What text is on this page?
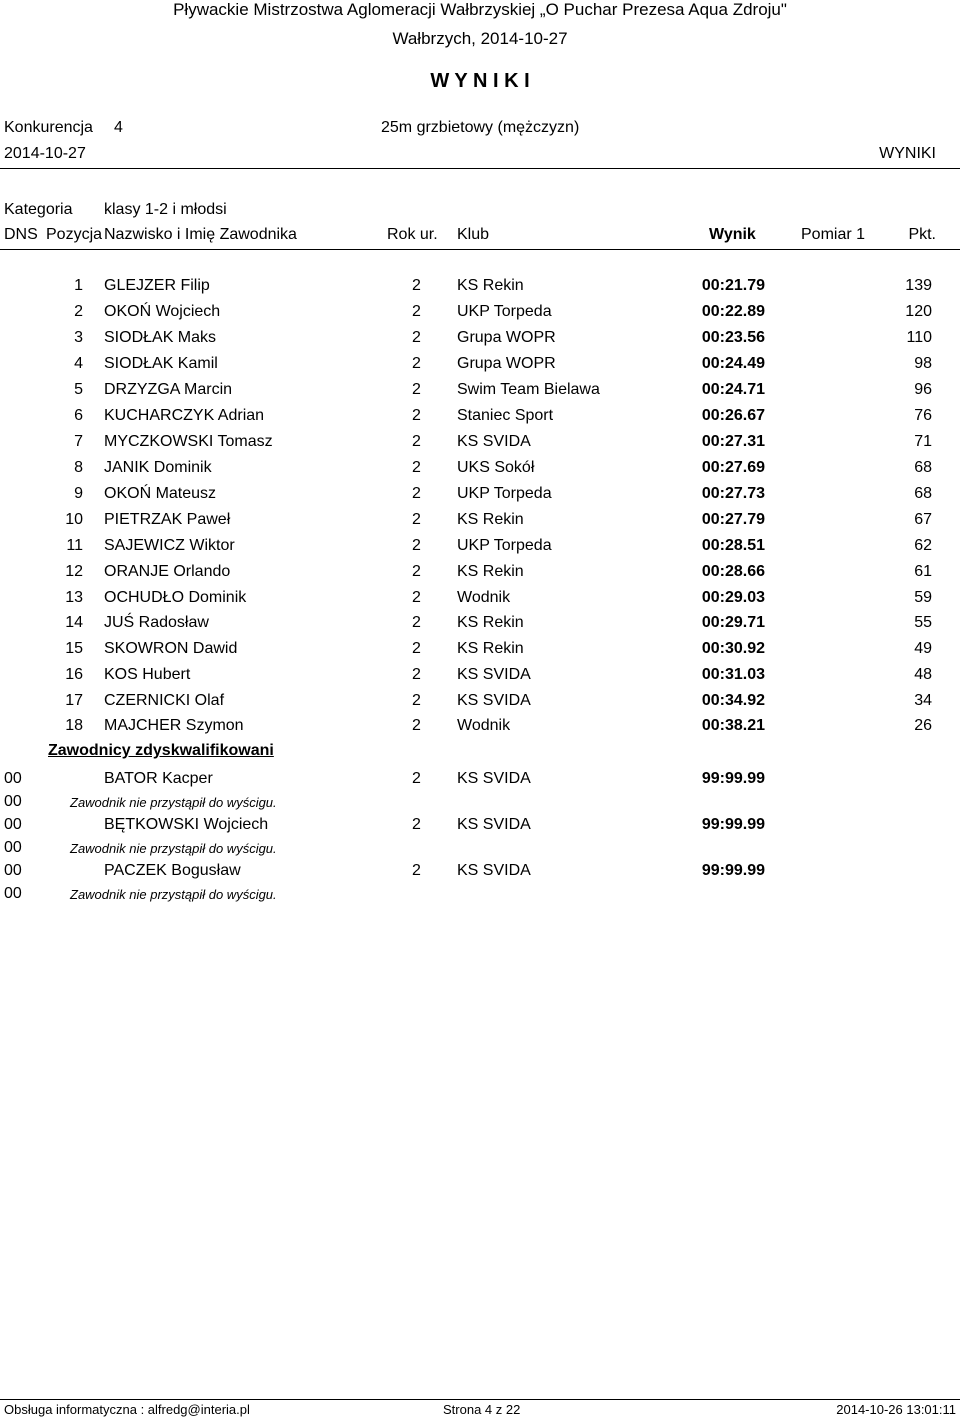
Pływackie Mistrzostwa Aglomeracji Wałbrzyskiej „O Puchar Prezesa Aqua Zdroju"
Wałbrzych, 2014-10-27
W Y N I K I
Konkurencja 4	25m grzbietowy (mężczyzn)
2014-10-27	WYNIKI
Kategoria klasy 1-2 i młodsi
DNS Pozycja Nazwisko i Imię Zawodnika	Rok ur. Klub	Wynik	Pomiar 1	Pkt.
1 GLEJZER Filip	2 KS Rekin	00:21.79	139
2 OKOŃ Wojciech	2 UKP Torpeda	00:22.89	120
3 SIODŁAK Maks	2 Grupa WOPR	00:23.56	110
4 SIODŁAK Kamil	2 Grupa WOPR	00:24.49	98
5 DRZYZGA Marcin	2 Swim Team Bielawa	00:24.71	96
6 KUCHARCZYK Adrian	2 Staniec Sport	00:26.67	76
7 MYCZKOWSKI Tomasz	2 KS SVIDA	00:27.31	71
8 JANIK Dominik	2 UKS Sokół	00:27.69	68
9 OKOŃ Mateusz	2 UKP Torpeda	00:27.73	68
10 PIETRZAK Paweł	2 KS Rekin	00:27.79	67
11 SAJEWICZ Wiktor	2 UKP Torpeda	00:28.51	62
12 ORANJE Orlando	2 KS Rekin	00:28.66	61
13 OCHUDŁO Dominik	2 Wodnik	00:29.03	59
14 JUŚ Radosław	2 KS Rekin	00:29.71	55
15 SKOWRON Dawid	2 KS Rekin	00:30.92	49
16 KOS Hubert	2 KS SVIDA	00:31.03	48
17 CZERNICKI Olaf	2 KS SVIDA	00:34.92	34
18 MAJCHER Szymon	2 Wodnik	00:38.21	26
Zawodnicy zdyskwalifikowani
00	BATOR Kacper	2 KS SVIDA	99:99.99
00	Zawodnik nie przystąpił do wyścigu.
00	BĘTKOWSKI Wojciech	2 KS SVIDA	99:99.99
00	Zawodnik nie przystąpił do wyścigu.
00	PACZEK Bogusław	2 KS SVIDA	99:99.99
00	Zawodnik nie przystąpił do wyścigu.
Obsługa informatyczna : alfredg@interia.pl	Strona 4 z 22	2014-10-26 13:01:11
